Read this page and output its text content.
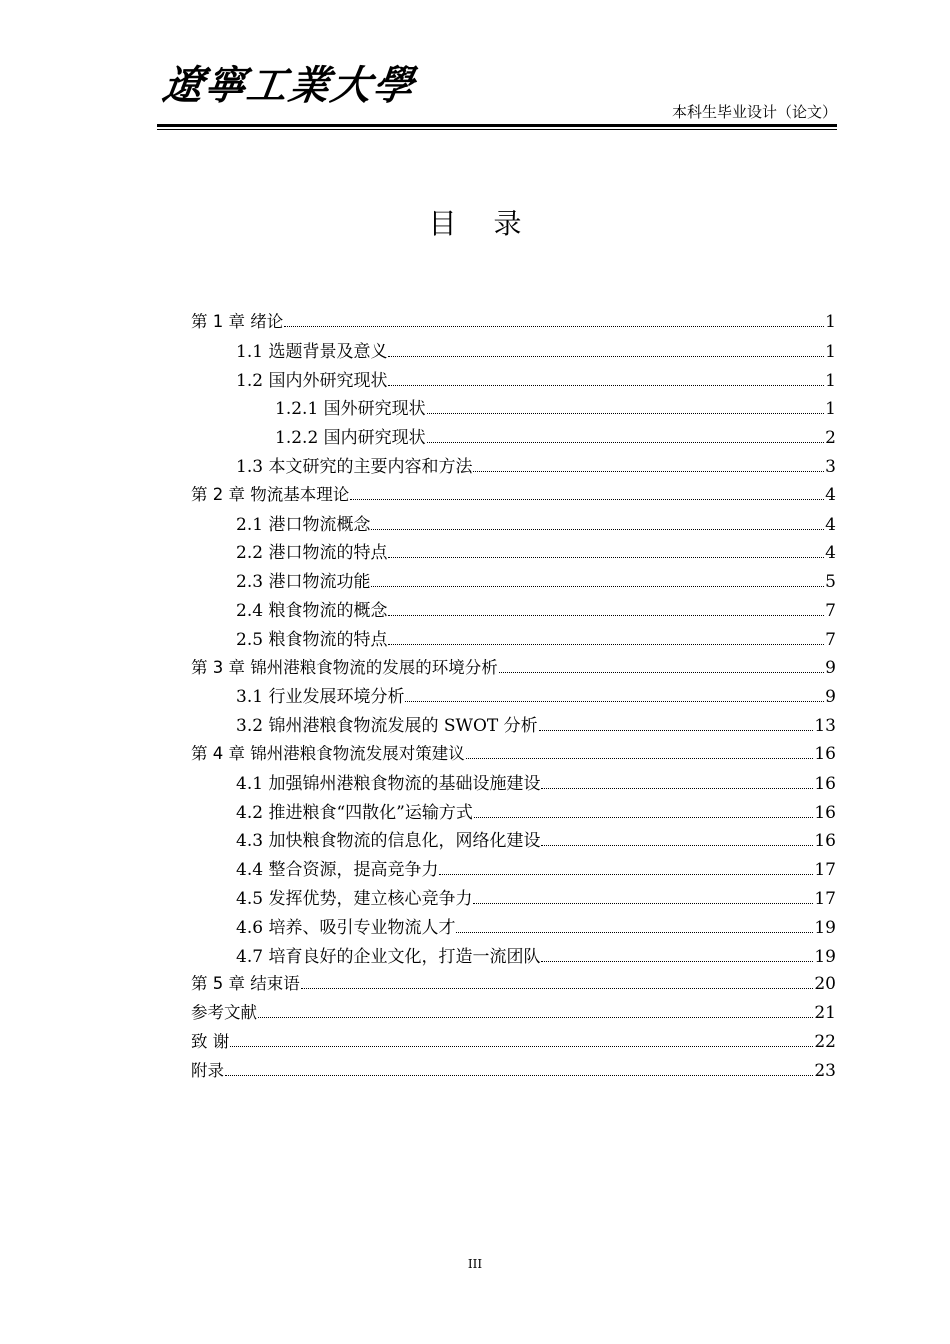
遼寧工業大學
本科生毕业设计（论文）
目 录
第 1 章 绪论	1
1.1 选题背景及意义	1
1.2 国内外研究现状	1
1.2.1 国外研究现状	1
1.2.2 国内研究现状	2
1.3 本文研究的主要内容和方法	3
第 2 章 物流基本理论	4
2.1 港口物流概念	4
2.2 港口物流的特点	4
2.3 港口物流功能	5
2.4 粮食物流的概念	7
2.5 粮食物流的特点	7
第 3 章 锦州港粮食物流的发展的环境分析	9
3.1 行业发展环境分析	9
3.2 锦州港粮食物流发展的 SWOT 分析	13
第 4 章 锦州港粮食物流发展对策建议	16
4.1 加强锦州港粮食物流的基础设施建设	16
4.2 推进粮食“四散化”运输方式	16
4.3 加快粮食物流的信息化，网络化建设	16
4.4 整合资源，提高竞争力	17
4.5 发挥优势，建立核心竞争力	17
4.6 培养、吸引专业物流人才	19
4.7 培育良好的企业文化，打造一流团队	19
第 5 章 结束语	20
参考文献	21
致 谢	22
附录	23
III
